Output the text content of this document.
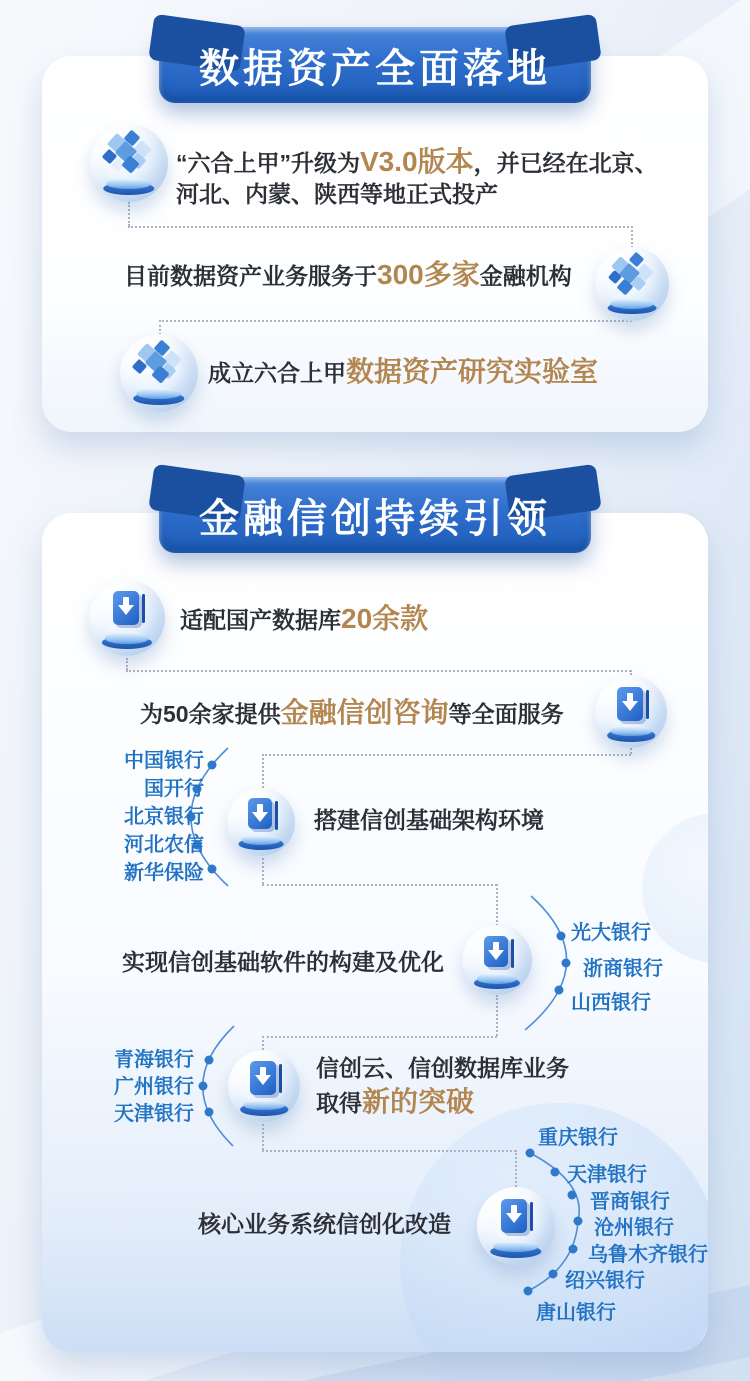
数据资产全面落地
“六合上甲”升级为V3.0版本，并已经在北京、
河北、内蒙、陕西等地正式投产
目前数据资产业务服务于300多家金融机构
成立六合上甲数据资产研究实验室
金融信创持续引领
适配国产数据库20余款
为50余家提供金融信创咨询等全面服务
中国银行
国开行
北京银行
河北农信
新华保险
搭建信创基础架构环境
实现信创基础软件的构建及优化
光大银行
浙商银行
山西银行
青海银行
广州银行
天津银行
信创云、信创数据库业务
取得新的突破
核心业务系统信创化改造
重庆银行
天津银行
晋商银行
沧州银行
乌鲁木齐银行
绍兴银行
唐山银行
